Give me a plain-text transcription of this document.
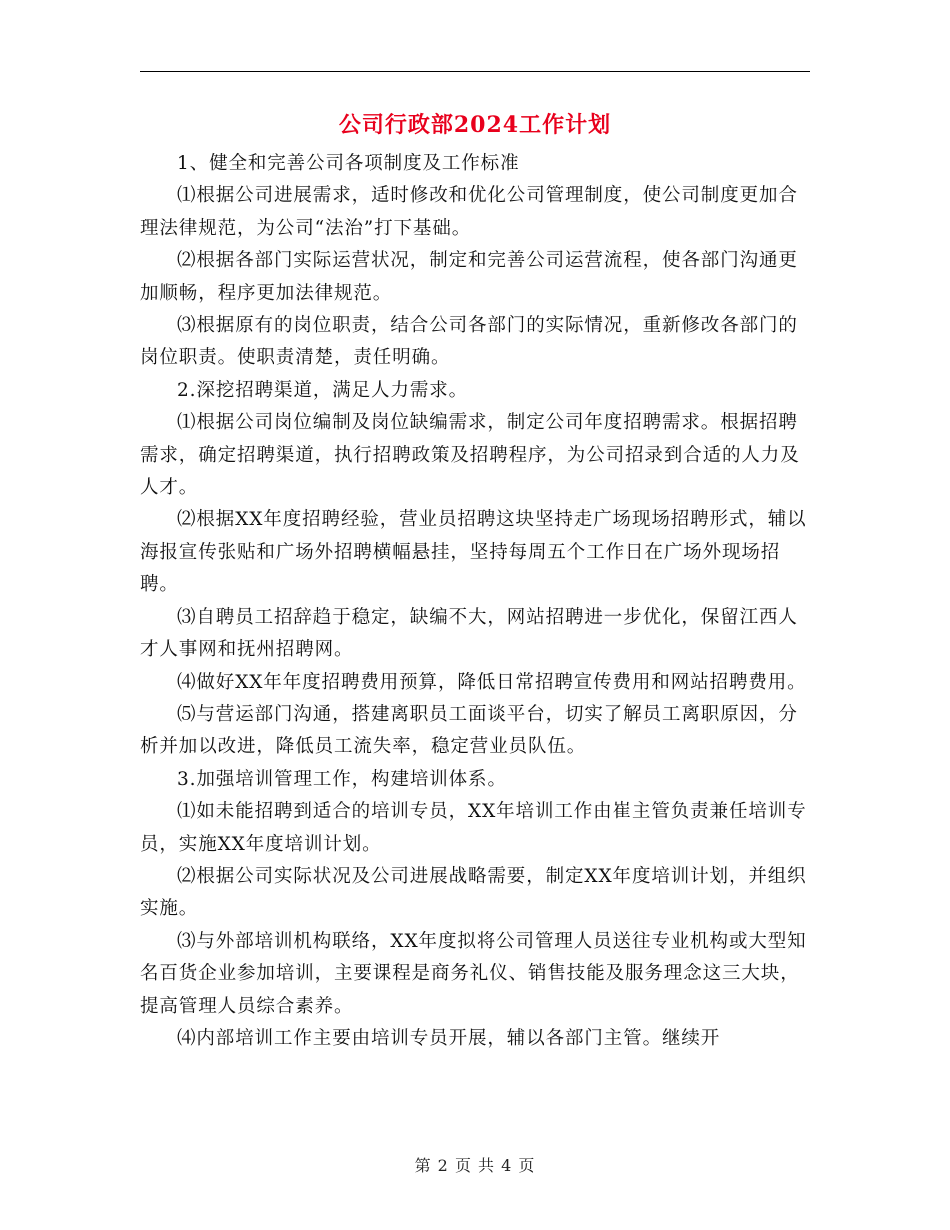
公司行政部2024工作计划

1、健全和完善公司各项制度及工作标准

⑴根据公司进展需求，适时修改和优化公司管理制度，使公司制度更加合理法律规范，为公司“法治”打下基础。

⑵根据各部门实际运营状况，制定和完善公司运营流程，使各部门沟通更加顺畅，程序更加法律规范。

⑶根据原有的岗位职责，结合公司各部门的实际情况，重新修改各部门的岗位职责。使职责清楚，责任明确。

2.深挖招聘渠道，满足人力需求。

⑴根据公司岗位编制及岗位缺编需求，制定公司年度招聘需求。根据招聘需求，确定招聘渠道，执行招聘政策及招聘程序，为公司招录到合适的人力及人才。

⑵根据XX年度招聘经验，营业员招聘这块坚持走广场现场招聘形式，辅以海报宣传张贴和广场外招聘横幅悬挂，坚持每周五个工作日在广场外现场招聘。

⑶自聘员工招辞趋于稳定，缺编不大，网站招聘进一步优化，保留江西人才人事网和抚州招聘网。

⑷做好XX年年度招聘费用预算，降低日常招聘宣传费用和网站招聘费用。

⑸与营运部门沟通，搭建离职员工面谈平台，切实了解员工离职原因，分析并加以改进，降低员工流失率，稳定营业员队伍。

3.加强培训管理工作，构建培训体系。

⑴如未能招聘到适合的培训专员，XX年培训工作由崔主管负责兼任培训专员，实施XX年度培训计划。

⑵根据公司实际状况及公司进展战略需要，制定XX年度培训计划，并组织实施。

⑶与外部培训机构联络，XX年度拟将公司管理人员送往专业机构或大型知名百货企业参加培训，主要课程是商务礼仪、销售技能及服务理念这三大块，提高管理人员综合素养。

⑷内部培训工作主要由培训专员开展，辅以各部门主管。继续开

第 2 页 共 4 页
